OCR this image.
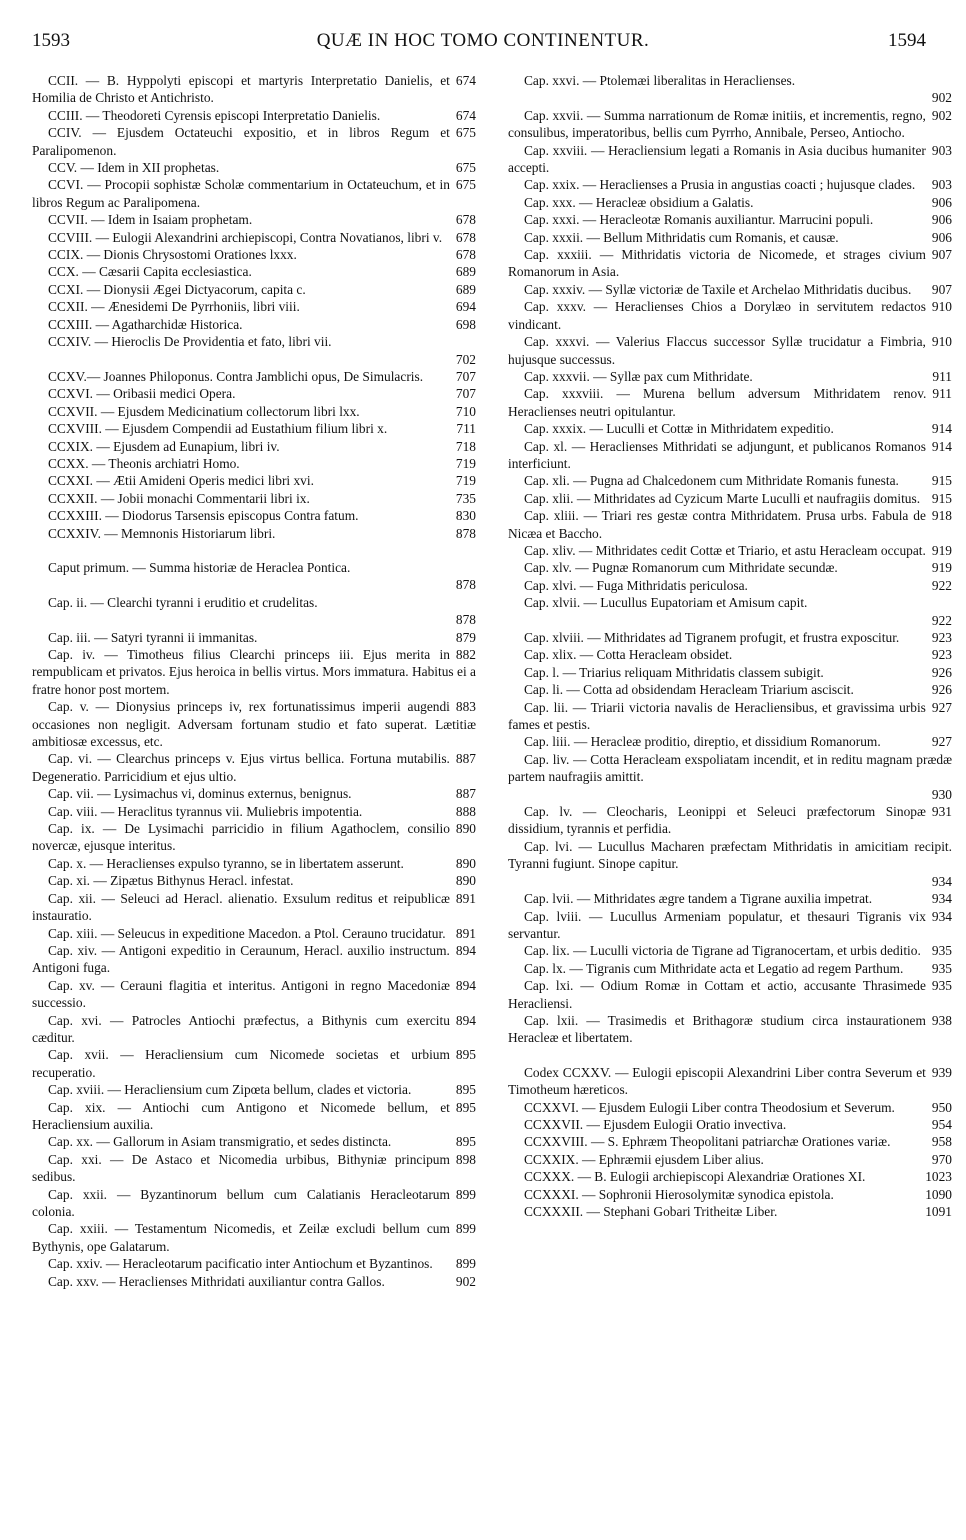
1593	QUÆ IN HOC TOMO CONTINENTUR.	1594
674
CCII. — B. Hyppolyti episcopi et martyris Interpretatio Danielis, et Homilia de Christo et Antichristo.
674
CCIII. — Theodoreti Cyrensis episcopi Interpretatio Danielis.
675
CCIV. — Ejusdem Octateuchi expositio, et in libros Regum et Paralipomenon.
675
CCV. — Idem in XII prophetas.
675
CCVI. — Procopii sophistæ Scholæ commentarium in Octateuchum, et in libros Regum ac Paralipomena.
678
CCVII. — Idem in Isaiam prophetam.
678
CCVIII. — Eulogii Alexandrini archiepiscopi, Contra Novatianos, libri v.
678
CCIX. — Dionis Chrysostomi Orationes lxxx.
689
CCX. — Cæsarii Capita ecclesiastica.
689
CCXI. — Dionysii Ægei Dictyacorum, capita c.
694
CCXII. — Ænesidemi De Pyrrhoniis, libri viii.
698
CCXIII. — Agatharchidæ Historica.
CCXIV. — Hieroclis De Providentia et fato, libri vii.
702
707
CCXV.— Joannes Philoponus. Contra Jamblichi opus, De Simulacris.
707
CCXVI. — Oribasii medici Opera.
710
CCXVII. — Ejusdem Medicinatium collectorum libri lxx.
711
CCXVIII. — Ejusdem Compendii ad Eustathium filium libri x.
718
CCXIX. — Ejusdem ad Eunapium, libri iv.
719
CCXX. — Theonis archiatri Homo.
719
CCXXI. — Ætii Amideni Operis medici libri xvi.
735
CCXXII. — Jobii monachi Commentarii libri ix.
830
CCXXIII. — Diodorus Tarsensis episcopus Contra fatum.
878
CCXXIV. — Memnonis Historiarum libri.
Caput primum. — Summa historiæ de Heraclea Pontica.
878
Cap. ii. — Clearchi tyranni i eruditio et crudelitas.
878
879
Cap. iii. — Satyri tyranni ii immanitas.
882
Cap. iv. — Timotheus filius Clearchi princeps iii. Ejus merita in rempublicam et privatos. Ejus heroica in bellis virtus. Mors immatura. Habitus ei a fratre honor post mortem.
883
Cap. v. — Dionysius princeps iv, rex fortunatissimus imperii augendi occasiones non negligit. Adversam fortunam studio et fato superat. Lætitiæ ambitiosæ excessus, etc.
887
Cap. vi. — Clearchus princeps v. Ejus virtus bellica. Fortuna mutabilis. Degeneratio. Parricidium et ejus ultio.
887
Cap. vii. — Lysimachus vi, dominus externus, benignus.
888
Cap. viii. — Heraclitus tyrannus vii. Muliebris impotentia.
890
Cap. ix. — De Lysimachi parricidio in filium Agathoclem, consilio novercæ, ejusque interitus.
890
Cap. x. — Heraclienses expulso tyranno, se in libertatem asserunt.
890
Cap. xi. — Zipætus Bithynus Heracl. infestat.
891
Cap. xii. — Seleuci ad Heracl. alienatio. Exsulum reditus et reipublicæ instauratio.
891
Cap. xiii. — Seleucus in expeditione Macedon. a Ptol. Cerauno trucidatur.
894
Cap. xiv. — Antigoni expeditio in Ceraunum, Heracl. auxilio instructum. Antigoni fuga.
894
Cap. xv. — Cerauni flagitia et interitus. Antigoni in regno Macedoniæ successio.
894
Cap. xvi. — Patrocles Antiochi præfectus, a Bithynis cum exercitu cæditur.
895
Cap. xvii. — Heracliensium cum Nicomede societas et urbium recuperatio.
895
Cap. xviii. — Heracliensium cum Zipœta bellum, clades et victoria.
895
Cap. xix. — Antiochi cum Antigono et Nicomede bellum, et Heracliensium auxilia.
895
Cap. xx. — Gallorum in Asiam transmigratio, et sedes distincta.
898
Cap. xxi. — De Astaco et Nicomedia urbibus, Bithyniæ principum sedibus.
899
Cap. xxii. — Byzantinorum bellum cum Calatianis Heracleotarum colonia.
899
Cap. xxiii. — Testamentum Nicomedis, et Zeilæ excludi bellum cum Bythynis, ope Galatarum.
899
Cap. xxiv. — Heracleotarum pacificatio inter Antiochum et Byzantinos.
902
Cap. xxv. — Heraclienses Mithridati auxiliantur contra Gallos.
Cap. xxvi. — Ptolemæi liberalitas in Heraclienses.
902
902
Cap. xxvii. — Summa narrationum de Romæ initiis, et incrementis, regno, consulibus, imperatoribus, bellis cum Pyrrho, Annibale, Perseo, Antiocho.
903
Cap. xxviii. — Heracliensium legati a Romanis in Asia ducibus humaniter accepti.
903
Cap. xxix. — Heraclienses a Prusia in angustias coacti ; hujusque clades.
906
Cap. xxx. — Heracleæ obsidium a Galatis.
906
Cap. xxxi. — Heracleotæ Romanis auxiliantur. Marrucini populi.
906
Cap. xxxii. — Bellum Mithridatis cum Romanis, et causæ.
907
Cap. xxxiii. — Mithridatis victoria de Nicomede, et strages civium Romanorum in Asia.
907
Cap. xxxiv. — Syllæ victoriæ de Taxile et Archelao Mithridatis ducibus.
910
Cap. xxxv. — Heraclienses Chios a Dorylæo in servitutem redactos vindicant.
910
Cap. xxxvi. — Valerius Flaccus successor Syllæ trucidatur a Fimbria, hujusque successus.
911
Cap. xxxvii. — Syllæ pax cum Mithridate.
911
Cap. xxxviii. — Murena bellum adversum Mithridatem renov. Heraclienses neutri opitulantur.
914
Cap. xxxix. — Luculli et Cottæ in Mithridatem expeditio.
914
Cap. xl. — Heraclienses Mithridati se adjungunt, et publicanos Romanos interficiunt.
915
Cap. xli. — Pugna ad Chalcedonem cum Mithridate Romanis funesta.
915
Cap. xlii. — Mithridates ad Cyzicum Marte Luculli et naufragiis domitus.
918
Cap. xliii. — Triari res gestæ contra Mithridatem. Prusa urbs. Fabula de Nicæa et Baccho.
919
Cap. xliv. — Mithridates cedit Cottæ et Triario, et astu Heracleam occupat.
919
Cap. xlv. — Pugnæ Romanorum cum Mithridate secundæ.
922
Cap. xlvi. — Fuga Mithridatis periculosa.
Cap. xlvii. — Lucullus Eupatoriam et Amisum capit.
922
923
Cap. xlviii. — Mithridates ad Tigranem profugit, et frustra exposcitur.
923
Cap. xlix. — Cotta Heracleam obsidet.
926
Cap. l. — Triarius reliquam Mithridatis classem subigit.
926
Cap. li. — Cotta ad obsidendam Heracleam Triarium asciscit.
927
Cap. lii. — Triarii victoria navalis de Heracliensibus, et gravissima urbis fames et pestis.
927
Cap. liii. — Heracleæ proditio, direptio, et dissidium Romanorum.
Cap. liv. — Cotta Heracleam exspoliatam incendit, et in reditu magnam prædæ partem naufragiis amittit.
930
931
Cap. lv. — Cleocharis, Leonippi et Seleuci præfectorum Sinopæ dissidium, tyrannis et perfidia.
Cap. lvi. — Lucullus Macharen præfectam Mithridatis in amicitiam recipit. Tyranni fugiunt. Sinope capitur.
934
934
Cap. lvii. — Mithridates ægre tandem a Tigrane auxilia impetrat.
934
Cap. lviii. — Lucullus Armeniam populatur, et thesauri Tigranis vix servantur.
935
Cap. lix. — Luculli victoria de Tigrane ad Tigranocertam, et urbis deditio.
935
Cap. lx. — Tigranis cum Mithridate acta et Legatio ad regem Parthum.
935
Cap. lxi. — Odium Romæ in Cottam et actio, accusante Thrasimede Heracliensi.
938
Cap. lxii. — Trasimedis et Brithagoræ studium circa instaurationem Heracleæ et libertatem.
939
Codex CCXXV. — Eulogii episcopii Alexandrini Liber contra Severum et Timotheum hæreticos.
950
CCXXVI. — Ejusdem Eulogii Liber contra Theodosium et Severum.
954
CCXXVII. — Ejusdem Eulogii Oratio invectiva.
958
CCXXVIII. — S. Ephræm Theopolitani patriarchæ Orationes variæ.
970
CCXXIX. — Ephræmii ejusdem Liber alius.
1023
CCXXX. — B. Eulogii archiepiscopi Alexandriæ Orationes XI.
1090
CCXXXI. — Sophronii Hierosolymitæ synodica epistola.
1091
CCXXXII. — Stephani Gobari Tritheitæ Liber.
